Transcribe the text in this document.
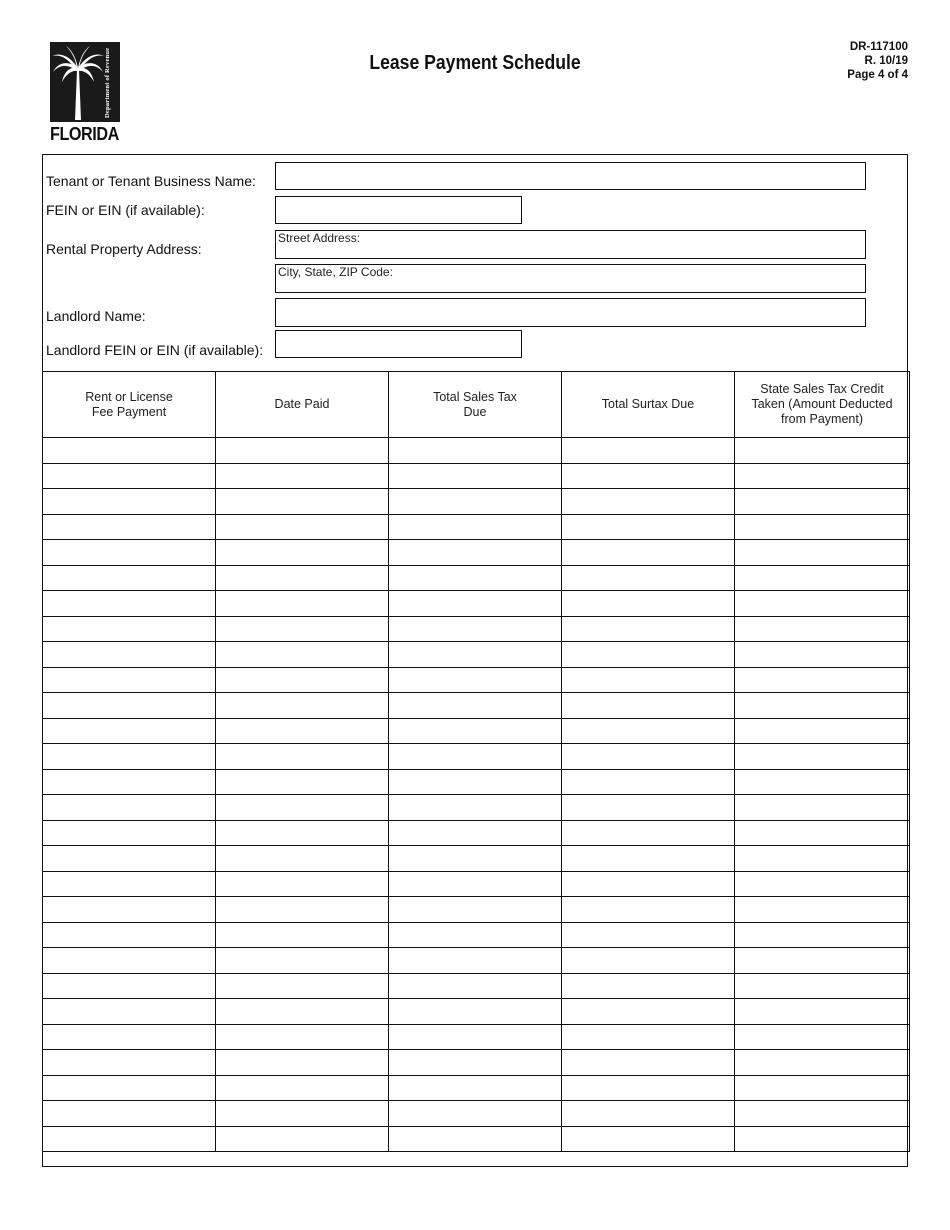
Department of Revenue
FLORIDA
Lease Payment Schedule
DR-117100
R. 10/19
Page 4 of 4
Tenant or Tenant Business Name:
FEIN or EIN (if available):
Rental Property Address:
Street Address:
City, State, ZIP Code:
Landlord Name:
Landlord FEIN or EIN (if available):
Rent or License Fee Payment	Date Paid	Total Sales Tax Due	Total Surtax Due	State Sales Tax Credit Taken (Amount Deducted from Payment)
